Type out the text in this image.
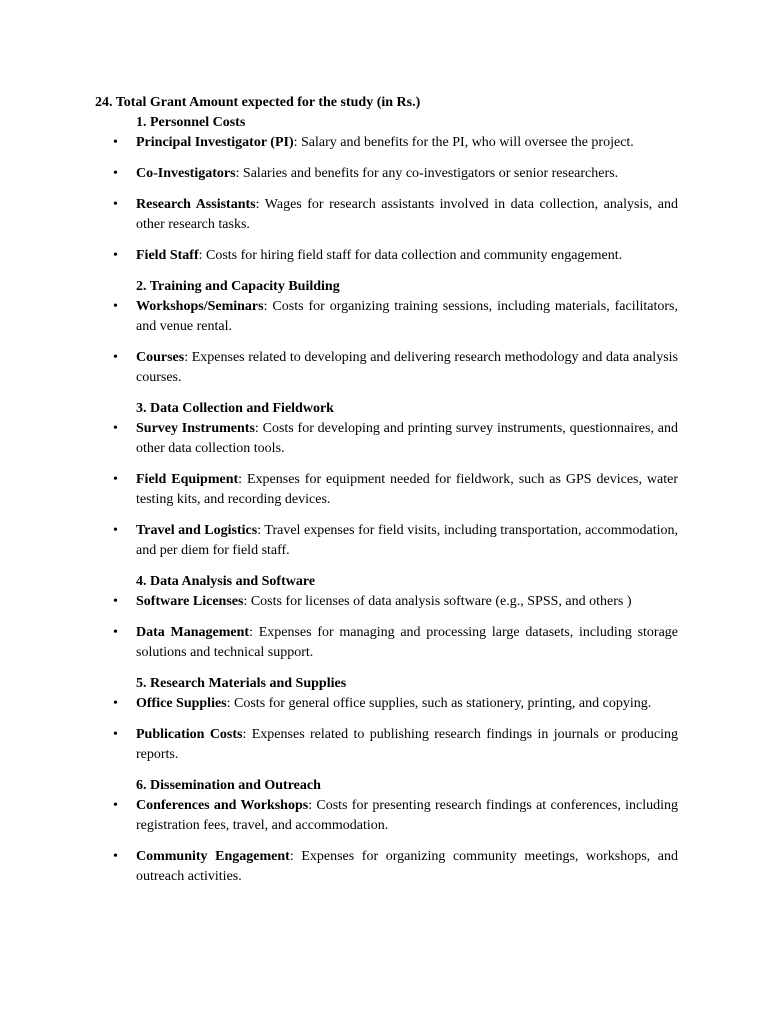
24. Total Grant Amount expected for the study (in Rs.)

1. Personnel Costs

• Principal Investigator (PI): Salary and benefits for the PI, who will oversee the project.
• Co-Investigators: Salaries and benefits for any co-investigators or senior researchers.
• Research Assistants: Wages for research assistants involved in data collection, analysis, and other research tasks.
• Field Staff: Costs for hiring field staff for data collection and community engagement.

2. Training and Capacity Building

• Workshops/Seminars: Costs for organizing training sessions, including materials, facilitators, and venue rental.
• Courses: Expenses related to developing and delivering research methodology and data analysis courses.

3. Data Collection and Fieldwork

• Survey Instruments: Costs for developing and printing survey instruments, questionnaires, and other data collection tools.
• Field Equipment: Expenses for equipment needed for fieldwork, such as GPS devices, water testing kits, and recording devices.
• Travel and Logistics: Travel expenses for field visits, including transportation, accommodation, and per diem for field staff.

4. Data Analysis and Software

• Software Licenses: Costs for licenses of data analysis software (e.g., SPSS, and others )
• Data Management: Expenses for managing and processing large datasets, including storage solutions and technical support.

5. Research Materials and Supplies

• Office Supplies: Costs for general office supplies, such as stationery, printing, and copying.
• Publication Costs: Expenses related to publishing research findings in journals or producing reports.

6. Dissemination and Outreach

• Conferences and Workshops: Costs for presenting research findings at conferences, including registration fees, travel, and accommodation.
• Community Engagement: Expenses for organizing community meetings, workshops, and outreach activities.
